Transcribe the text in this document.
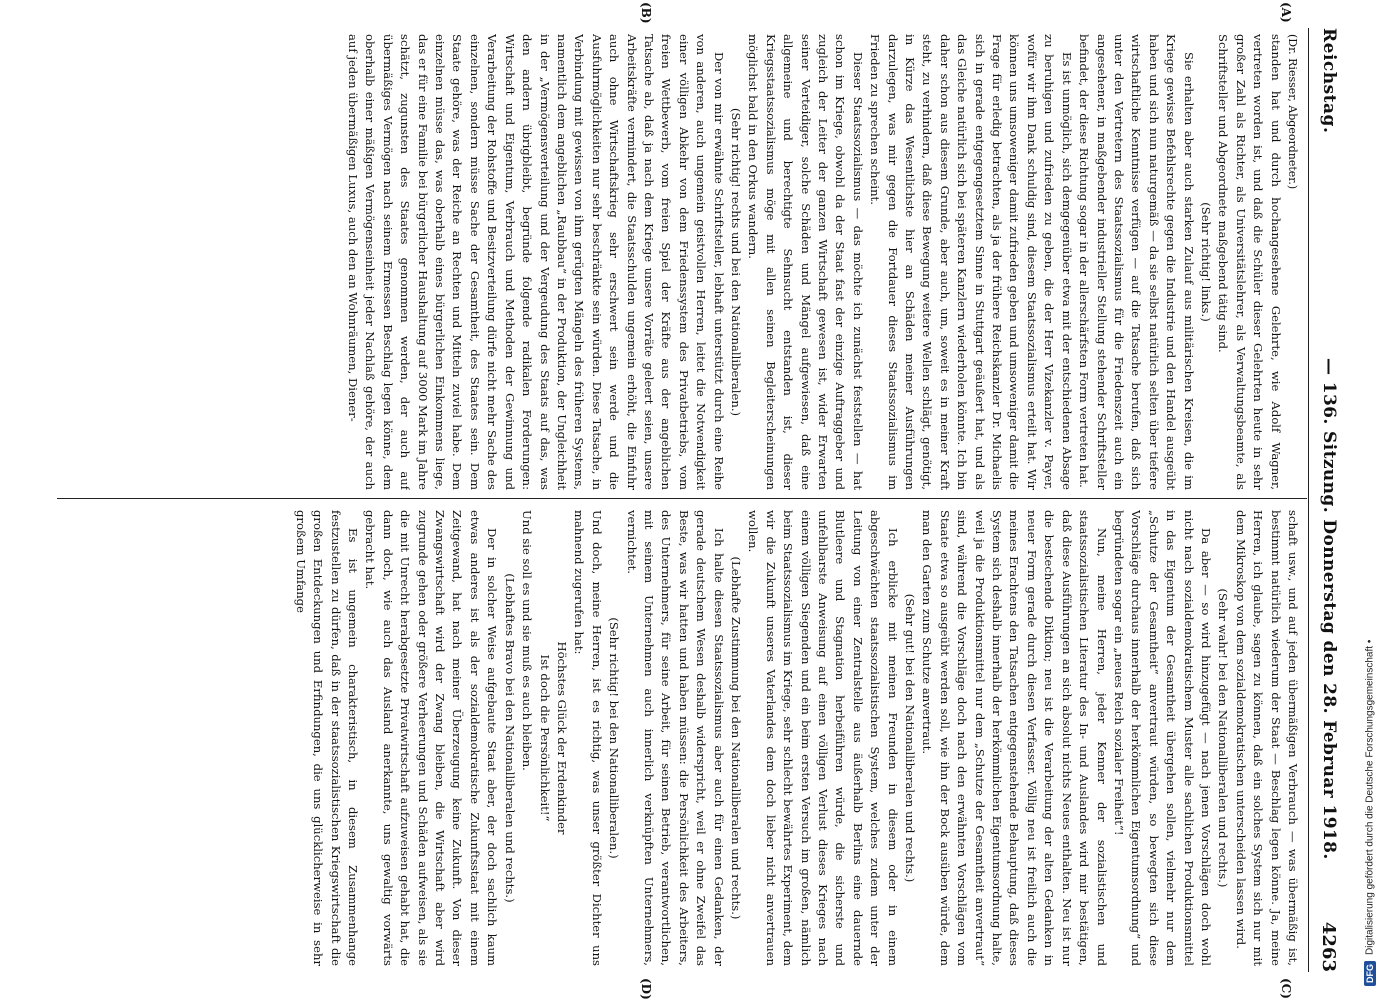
DFG
Digitalisierung gefördert durch die Deutsche Forschungsgemeinschaft •
Reichstag.
— 136. Sitzung. Donnerstag den 28. Februar 1918.
4263
(A)
(B)
(C)
(D)

(Dr. Riesser, Abgeordneter.)

standen hat und durch hochangesehene Gelehrte, wie Adolf Wagner, vertreten worden ist, und daß die Schüler dieser Gelehrten heute in sehr großer Zahl als Richter, als Universitätslehrer, als Verwaltungsbeamte, als Schriftsteller und Abgeordnete maßgebend tätig sind.

(Sehr richtig! links.)

Sie erhalten aber auch starken Zulauf aus militärischen Kreisen, die im Kriege gewisse Befehlsrechte gegen die Industrie und den Handel ausgeübt haben und sich nun naturgemäß — da sie selbst natürlich selten über tiefere wirtschaftliche Kenntnisse verfügen — auf die Tatsache berufen, daß sich unter den Vertretern des Staatssozialismus für die Friedenszeit auch ein angesehener, in maßgebender industrieller Stellung stehender Schriftsteller befindet, der diese Richtung sogar in der allerschärfsten Form vertreten hat.

Es ist unmöglich, sich demgegenüber etwa mit der entschiedenen Absage zu beruhigen und zufrieden zu geben, die der Herr Vizekanzler v. Payer, wofür wir ihm Dank schuldig sind, diesem Staatssozialismus erteilt hat. Wir können uns umsoweniger damit zufrieden geben und umsoweniger damit die Frage für erledig betrachten, als ja der frühere Reichskanzler Dr. Michaelis sich in gerade entgegengesetztem Sinne in Stuttgart geäußert hat, und als das Gleiche natürlich sich bei späteren Kanzlern wiederholen könnte. Ich bin daher schon aus diesem Grunde, aber auch, um, soweit es in meiner Kraft steht, zu verhindern, daß diese Bewegung weitere Wellen schlägt, genötigt, in Kürze das Wesentlichste hier an Schäden meiner Ausführungen darzulegen, was mir gegen die Fortdauer dieses Staatssozialismus im Frieden zu sprechen scheint.

Dieser Staatssozialismus — das möchte ich zunächst feststellen — hat schon im Kriege, obwohl da der Staat fast der einzige Auftraggeber und zugleich der Leiter der ganzen Wirtschaft gewesen ist, wider Erwarten seiner Verteidiger, solche Schäden und Mängel aufgewiesen, daß eine allgemeine und berechtigte Sehnsucht entstanden ist, dieser Kriegsstaatssozialismus möge mit allen seinen Begleiterscheinungen möglichst bald in den Orkus wandern.

(Sehr richtig! rechts und bei den Nationalliberalen.)

Der von mir erwähnte Schriftsteller, lebhaft unterstützt durch eine Reihe von anderen, auch ungemein geistvollen Herren, leitet die Notwendigkeit einer völligen Abkehr von dem Friedenssystem des Privatbetriebs, vom freien Wettbewerb, vom freien Spiel der Kräfte aus der angeblichen Tatsache ab, daß ja nach dem Kriege unsere Vorräte geleert seien, unsere Arbeitskräfte vermindert, die Staatsschulden ungemein erhöht, die Einfuhr auch ohne Wirtschaftskrieg sehr erschwert sein werde und die Ausfuhrmöglichkeiten nur sehr beschränkte sein würden. Diese Tatsache, in Verbindung mit gewissen von ihm gerügten Mängeln des früheren Systems, namentlich dem angeblichen „Raubbau“ in der Produktion, der Ungleichheit in der „Vermögensverteilung und der Vergeudung des Staats auf das, was den andern übrigbleibt, begründe folgende radikalen Forderungen: Wirtschaft und Eigentum, Verbrauch und Methoden der Gewinnung und Verarbeitung der Rohstoffe und Besitzverteilung dürfe nicht mehr Sache des einzelnen, sondern müsse Sache der Gesamtheit, des Staates sein. Dem Staate gehöre, was der Reiche an Rechten und Mitteln zuviel habe. Dem einzelnen müsse das, was oberhalb eines bürgerlichen Einkommens liege, das er für eine Familie bei bürgerlicher Haushaltung auf 3000 Mark im Jahre schätzt, zugunsten des Staates genommen werden, der auch auf übermäßiges Vermögen nach seinem Ermessen Beschlag legen könne, dem oberhalb einer mäßigen Vermögenseinheit jeder Nachlaß gehöre, der auch auf jeden übermäßigen Luxus, auch den an Wohnräumen, Diener-

schaft usw., und auf jeden übermäßigen Verbrauch — was übermäßig ist, bestimmt natürlich wiederum der Staat — Beschlag legen könne. Ja, meine Herren, ich glaube, sagen zu können, daß ein solches System sich nur mit dem Mikroskop von dem sozialdemokratischen unterscheiden lassen wird.

(Sehr wahr! bei den Nationalliberalen und rechts.)

Da aber — so wird hinzugefügt — nach jenen Vorschlägen doch wohl nicht nach sozialdemokratischem Muster alle sachlichen Produktionsmittel in das Eigentum der Gesamtheit übergehen sollen, vielmehr nur dem „Schutze der Gesamtheit“ anvertraut würden, so bewegten sich diese Vorschläge durchaus innerhalb der herkömmlichen Eigentumsordnung“ und begründeten sogar ein „neues Reich sozialer Freiheit“!

Nun, meine Herren, jeder Kenner der sozialistischen und staatssozialistischen Literatur des In- und Auslandes wird mir bestätigen, daß diese Ausführungen an sich absolut nichts Neues enthalten. Neu ist nur die bestechende Diktion; neu ist die Verarbeitung der alten Gedanken in neuer Form gerade durch diesen Verfasser. Völlig neu ist freilich auch die meines Erachtens den Tatsachen entgegenstehende Behauptung, daß dieses System sich deshalb innerhalb der herkömmlichen Eigentumsordnung halte, weil ja die Produktionsmittel nur dem „Schutze der Gesamtheit anvertraut“ sind, während die Vorschläge doch nach den erwähnten Vorschlägen vom Staate etwa so ausgeübt werden soll, wie ihn der Bock ausüben würde, dem man den Garten zum Schutze anvertraut.

(Sehr gut! bei den Nationalliberalen und rechts.)

Ich erblicke mit meinen Freunden in diesem oder in einem abgeschwächten staatssozialistischen System, welches zudem unter der Leitung von einer Zentralstelle aus äußerhalb Berlins eine dauernde Blutleere und Stagnation herbeiführen würde, die sicherste und unfehlbarste Anweisung auf einen völligen Verlust dieses Krieges nach einem völligen Siegenden und ein beim ersten Versuch im großen, nämlich beim Staatssozialismus im Kriege, sehr schlecht bewährtes Experiment, dem wir die Zukunft unseres Vaterlandes dem doch lieber nicht anvertrauen wollen.

(Lebhafte Zustimmung bei den Nationalliberalen und rechts.)

Ich halte diesen Staatssozialismus aber auch für einen Gedanken, der gerade deutschem Wesen deshalb widerspricht, weil er ohne Zweifel das Beste, was wir hatten und haben müssen: die Persönlichkeit des Arbeiters, des Unternehmers, für seine Arbeit, für seinen Betrieb, verantwortlichen, mit seinem Unternehmen auch innerlich verknüpften Unternehmers, vernichtet.

(Sehr richtig! bei den Nationalliberalen.)

Und doch, meine Herren, ist es richtig, was unser größter Dichter uns mahnend zugerufen hat:

Höchstes Glück der Erdenkinder

Ist doch die Persönlichkeit!“

Und sie soll es und sie muß es auch bleiben.

(Lebhaftes Bravo bei den Nationalliberalen und rechts.)

Der in solcher Weise aufgebaute Staat aber, der doch sachlich kaum etwas anderes ist als der sozialdemokratische Zukunftsstaat mit einem Zeitgewand, hat nach meiner Überzeugung keine Zukunft. Von dieser Zwangswirtschaft wird der Zwang bleiben, die Wirtschaft aber wird zugrunde gehen oder größere Verheerungen und Schäden aufweisen, als sie die mit Unrecht herabgesetzte Privatwirtschaft aufzuweisen gehabt hat, die dann doch, wie auch das Ausland anerkannte, uns gewaltig vorwärts gebracht hat.

Es ist ungemein charakteristisch, in diesem Zusammenhange festzustellen zu dürfen, daß in der staatssozialistischen Kriegswirtschaft die großen Entdeckungen und Erfindungen, die uns glücklicherweise in sehr großem Umfange
